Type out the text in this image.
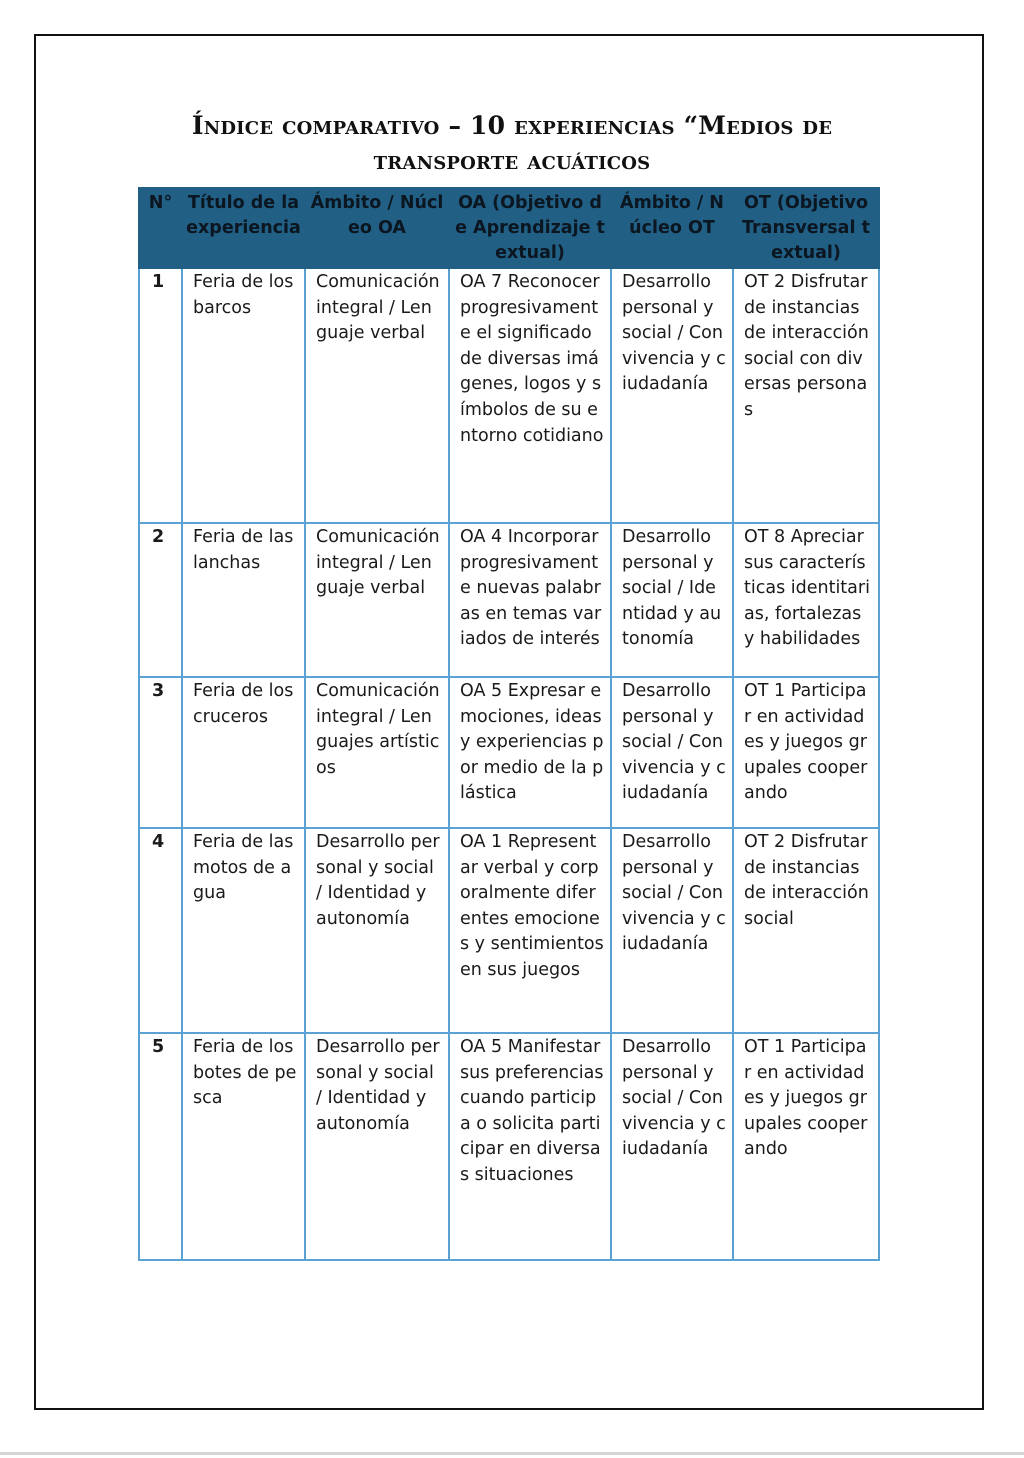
Índice comparativo – 10 experiencias “Medios de
transporte acuáticos
N°	Título de la experiencia	Ámbito / Núcleo OA	OA (Objetivo de Aprendizaje textual)	Ámbito / Núcleo OT	OT (Objetivo Transversal textual)
1	Feria de los barcos	Comunicación integral / Lenguaje verbal	OA 7 Reconocer progresivamente el significado de diversas imágenes, logos y símbolos de su entorno cotidiano	Desarrollo personal y social / Convivencia y ciudadanía	OT 2 Disfrutar de instancias de interacción social con diversas personas
2	Feria de las lanchas	Comunicación integral / Lenguaje verbal	OA 4 Incorporar progresivamente nuevas palabras en temas variados de interés	Desarrollo personal y social / Identidad y autonomía	OT 8 Apreciar sus características identitarias, fortalezas y habilidades
3	Feria de los cruceros	Comunicación integral / Lenguajes artísticos	OA 5 Expresar emociones, ideas y experiencias por medio de la plástica	Desarrollo personal y social / Convivencia y ciudadanía	OT 1 Participar en actividades y juegos grupales cooperando
4	Feria de las motos de agua	Desarrollo personal y social / Identidad y autonomía	OA 1 Representar verbal y corporalmente diferentes emociones y sentimientos en sus juegos	Desarrollo personal y social / Convivencia y ciudadanía	OT 2 Disfrutar de instancias de interacción social
5	Feria de los botes de pesca	Desarrollo personal y social / Identidad y autonomía	OA 5 Manifestar sus preferencias cuando participa o solicita participar en diversas situaciones	Desarrollo personal y social / Convivencia y ciudadanía	OT 1 Participar en actividades y juegos grupales cooperando
